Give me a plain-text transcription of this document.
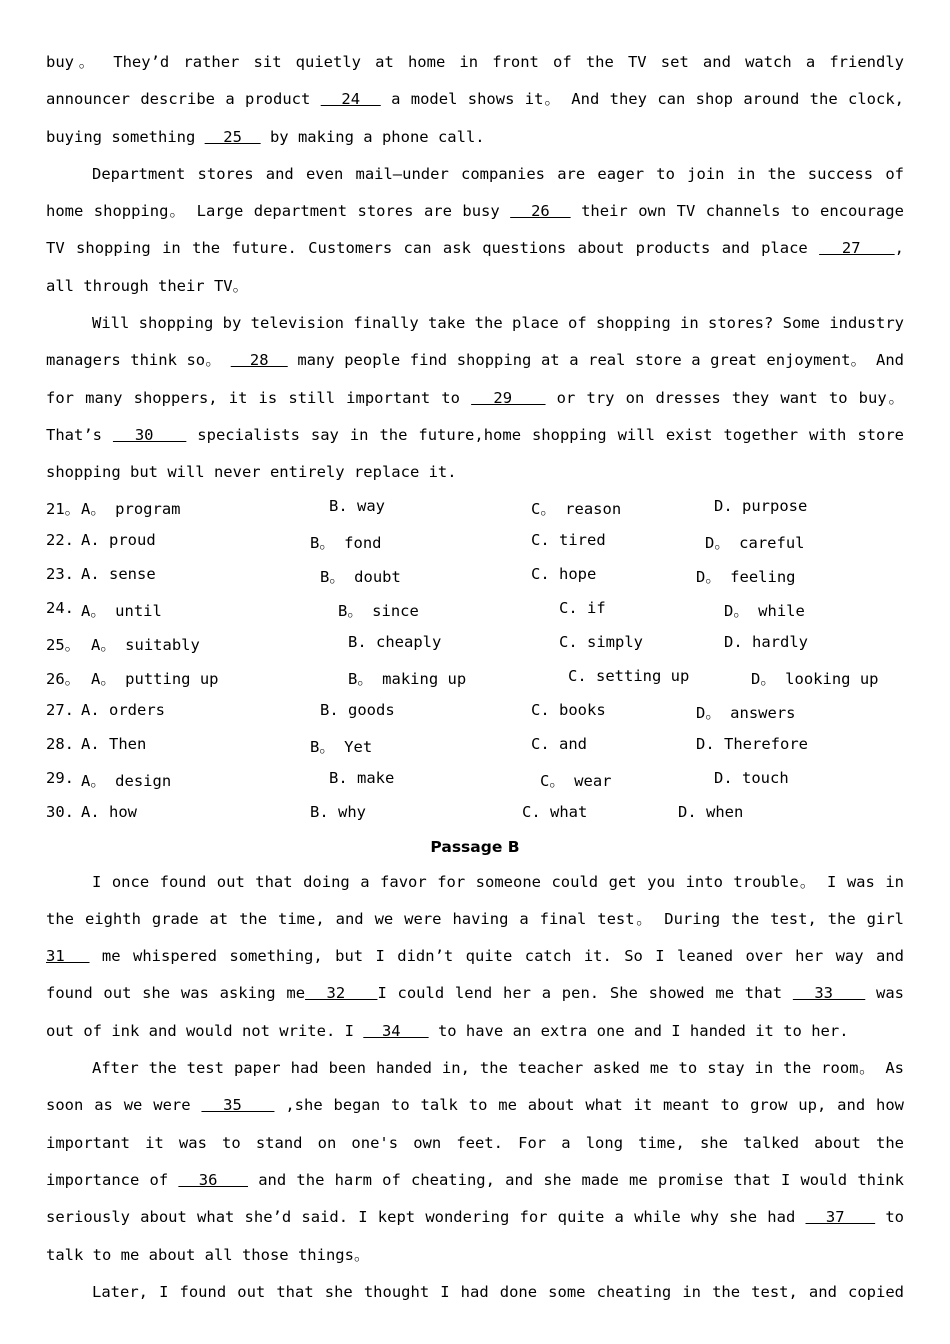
buy。 They’d rather sit quietly at home in front of the TV set and watch a friendly announcer describe a product   24   a model shows it。 And they can shop around the clock, buying something   25   by making a phone call.

Department stores and even mail—under companies are eager to join in the success of home shopping。 Large department stores are busy   26   their own TV channels to encourage TV shopping in the future. Customers can ask questions about products and place   27   , all through their TV。

Will shopping by television finally take the place of shopping in stores? Some industry managers think so。   28   many people find shopping at a real store a great enjoyment。 And for many shoppers, it is still important to   29    or try on dresses they want to buy。 That’s   30    specialists say in the future,home shopping will exist together with store shopping but will never entirely replace it.

21。 A。 program	B. way	C。 reason	D. purpose
22. A. proud	B。 fond	C. tired	D。 careful
23. A. sense	B。 doubt	C. hope	D。 feeling
24. A。 until	B。 since	C. if	D。 while
25。 A。 suitably	B. cheaply	C. simply	D. hardly
26。 A。 putting up	B。 making up	C. setting up	D。 looking up
27. A. orders	B. goods	C. books	D。 answers
28. A. Then	B。 Yet	C. and	D. Therefore
29. A。 design	B. make	C。 wear	D. touch
30. A. how	B. why	C. what	D. when
Passage B

I once found out that doing a favor for someone could get you into trouble。 I was in the eighth grade at the time, and we were having a final test。 During the test, the girl 31   me whispered something, but I didn’t quite catch it. So I leaned over her way and found out she was asking me  32   I could lend her a pen. She showed me that   33    was out of ink and would not write. I   34    to have an extra one and I handed it to her.

After the test paper had been handed in, the teacher asked me to stay in the room。 As soon as we were   35    ,she began to talk to me about what it meant to grow up, and how important it was to stand on one's own feet. For a long time, she talked about the importance of   36    and the harm of cheating, and she made me promise that I would think seriously about what she’d said. I kept wondering for quite a while why she had   37    to talk to me about all those things。

Later, I found out that she thought I had done some cheating in the test, and copied
